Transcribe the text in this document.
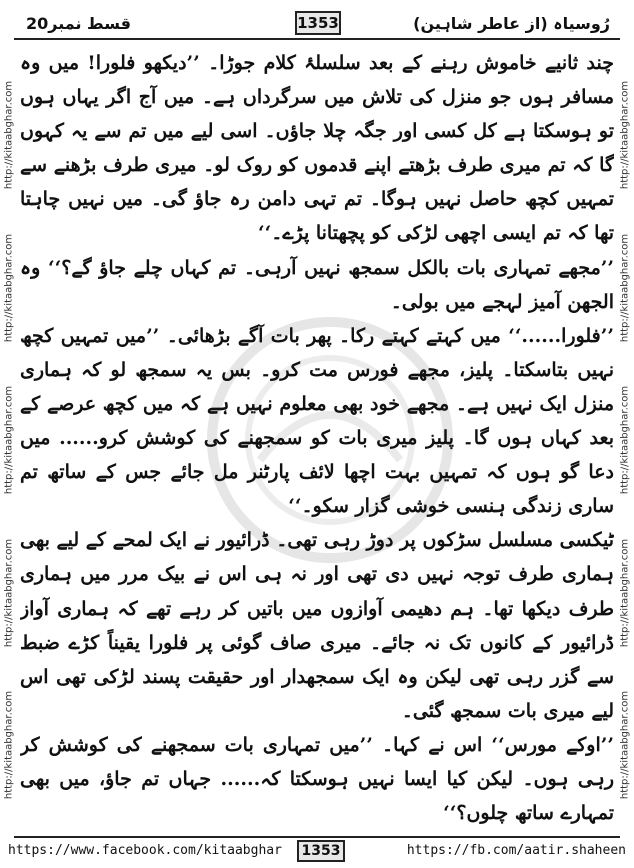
رُوسیاہ (از عاطر شاہین)
1353
قسط نمبر20
http://kitaabghar.com
http://kitaabghar.com
http://kitaabghar.com
http://kitaabghar.com
http://kitaabghar.com
http://kitaabghar.com
http://kitaabghar.com
http://kitaabghar.com
http://kitaabghar.com
http://kitaabghar.com

چند ثانیے خاموش رہنے کے بعد سلسلۂ کلام جوڑا۔ ’’دیکھو فلورا! میں وہ مسافر ہوں جو منزل کی تلاش میں سرگرداں ہے۔ میں آج اگر یہاں ہوں تو ہوسکتا ہے کل کسی اور جگہ چلا جاؤں۔ اسی لیے میں تم سے یہ کہوں گا کہ تم میری طرف بڑھتے اپنے قدموں کو روک لو۔ میری طرف بڑھنے سے تمہیں کچھ حاصل نہیں ہوگا۔ تم تہی دامن رہ جاؤ گی۔ میں نہیں چاہتا تھا کہ تم ایسی اچھی لڑکی کو پچھتانا پڑے۔‘‘

’’مجھے تمہاری بات بالکل سمجھ نہیں آرہی۔ تم کہاں چلے جاؤ گے؟‘‘ وہ الجھن آمیز لہجے میں بولی۔

’’فلورا......‘‘ میں کہتے کہتے رکا۔ پھر بات آگے بڑھائی۔ ’’میں تمہیں کچھ نہیں بتاسکتا۔ پلیز، مجھے فورس مت کرو۔ بس یہ سمجھ لو کہ ہماری منزل ایک نہیں ہے۔ مجھے خود بھی معلوم نہیں ہے کہ میں کچھ عرصے کے بعد کہاں ہوں گا۔ پلیز میری بات کو سمجھنے کی کوشش کرو...... میں دعا گو ہوں کہ تمہیں بہت اچھا لائف پارٹنر مل جائے جس کے ساتھ تم ساری زندگی ہنسی خوشی گزار سکو۔‘‘

ٹیکسی مسلسل سڑکوں پر دوڑ رہی تھی۔ ڈرائیور نے ایک لمحے کے لیے بھی ہماری طرف توجہ نہیں دی تھی اور نہ ہی اس نے بیک مرر میں ہماری طرف دیکھا تھا۔ ہم دھیمی آوازوں میں باتیں کر رہے تھے کہ ہماری آواز ڈرائیور کے کانوں تک نہ جائے۔ میری صاف گوئی پر فلورا یقیناً کڑے ضبط سے گزر رہی تھی لیکن وہ ایک سمجھدار اور حقیقت پسند لڑکی تھی اس لیے میری بات سمجھ گئی۔

’’اوکے مورس‘‘ اس نے کہا۔ ’’میں تمہاری بات سمجھنے کی کوشش کر رہی ہوں۔ لیکن کیا ایسا نہیں ہوسکتا کہ...... جہاں تم جاؤ، میں بھی تمہارے ساتھ چلوں؟‘‘

https://www.facebook.com/kitaabghar	1353	https://fb.com/aatir.shaheen
